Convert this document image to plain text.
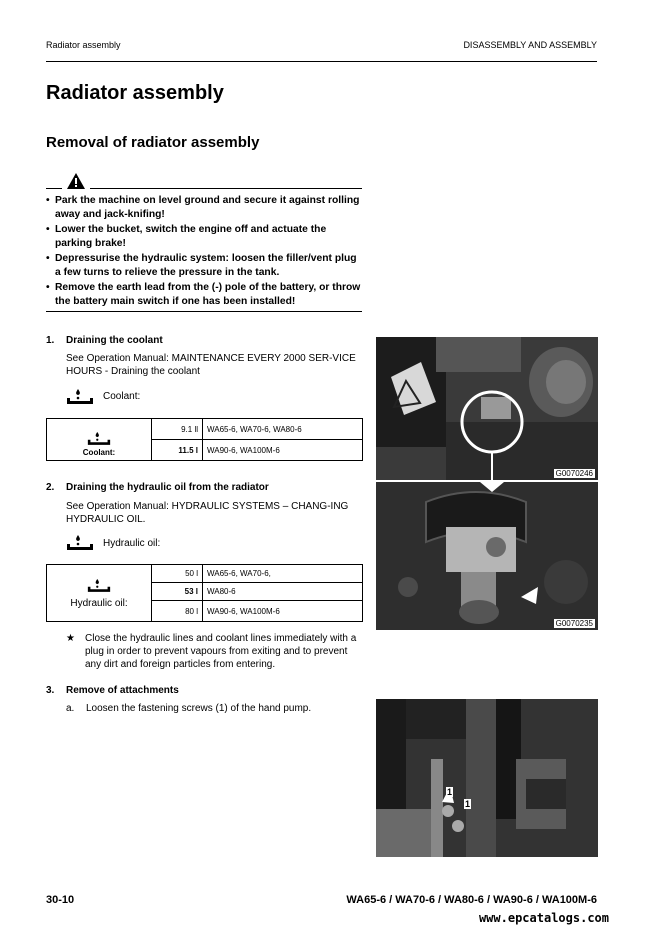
Radiator assembly	DISASSEMBLY AND ASSEMBLY
Radiator assembly
Removal of radiator assembly
• Park the machine on level ground and secure it against rolling away and jack-knifing!
• Lower the bucket, switch the engine off and actuate the parking brake!
• Depressurise the hydraulic system: loosen the filler/vent plug a few turns to relieve the pressure in the tank.
• Remove the earth lead from the (-) pole of the battery, or throw the battery main switch if one has been installed!
1. Draining the coolant
See Operation Manual: MAINTENANCE EVERY 2000 SER-VICE HOURS - Draining the coolant
Coolant:
Coolant:	9.1 ll	WA65-6, WA70-6, WA80-6
	11.5 l	WA90-6, WA100M-6
2. Draining the hydraulic oil from the radiator
See Operation Manual: HYDRAULIC SYSTEMS – CHANG-ING HYDRAULIC OIL.
Hydraulic oil:
Hydraulic oil:	50 l	WA65-6, WA70-6,
	53 l	WA80-6
	80 l	WA90-6, WA100M-6
★ Close the hydraulic lines and coolant lines immediately with a plug in order to prevent vapours from exiting and to prevent any dirt and foreign particles from entering.
3. Remove of attachments
a. Loosen the fastening screws (1) of the hand pump.
G0070246
G0070235
1
1
30-10	WA65-6 / WA70-6 / WA80-6 / WA90-6 / WA100M-6
www.epcatalogs.com
